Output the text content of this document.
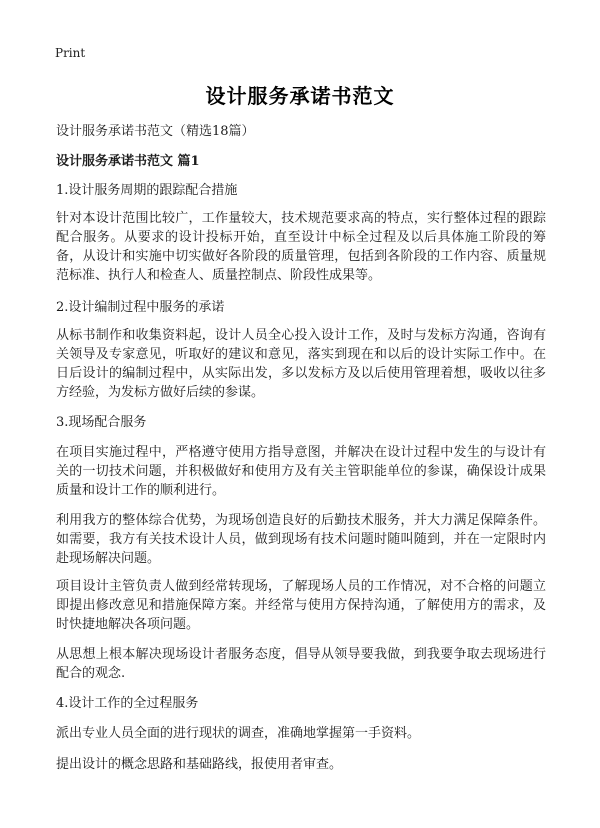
Print
设计服务承诺书范文
设计服务承诺书范文（精选18篇）
设计服务承诺书范文 篇1
1.设计服务周期的跟踪配合措施
针对本设计范围比较广，工作量较大，技术规范要求高的特点，实行整体过程的跟踪配合服务。从要求的设计投标开始，直至设计中标全过程及以后具体施工阶段的筹备，从设计和实施中切实做好各阶段的质量管理，包括到各阶段的工作内容、质量规范标准、执行人和检查人、质量控制点、阶段性成果等。
2.设计编制过程中服务的承诺
从标书制作和收集资料起，设计人员全心投入设计工作，及时与发标方沟通，咨询有关领导及专家意见，听取好的建议和意见，落实到现在和以后的设计实际工作中。在日后设计的编制过程中，从实际出发，多以发标方及以后使用管理着想，吸收以往多方经验，为发标方做好后续的参谋。
3.现场配合服务
在项目实施过程中，严格遵守使用方指导意图，并解决在设计过程中发生的与设计有关的一切技术问题，并积极做好和使用方及有关主管职能单位的参谋，确保设计成果质量和设计工作的顺利进行。
利用我方的整体综合优势，为现场创造良好的后勤技术服务，并大力满足保障条件。如需要，我方有关技术设计人员，做到现场有技术问题时随叫随到，并在一定限时内赴现场解决问题。
项目设计主管负责人做到经常转现场，了解现场人员的工作情况，对不合格的问题立即提出修改意见和措施保障方案。并经常与使用方保持沟通，了解使用方的需求，及时快捷地解决各项问题。
从思想上根本解决现场设计者服务态度，倡导从领导要我做，到我要争取去现场进行配合的观念.
4.设计工作的全过程服务
派出专业人员全面的进行现状的调查，准确地掌握第一手资料。
提出设计的概念思路和基础路线，报使用者审查。
